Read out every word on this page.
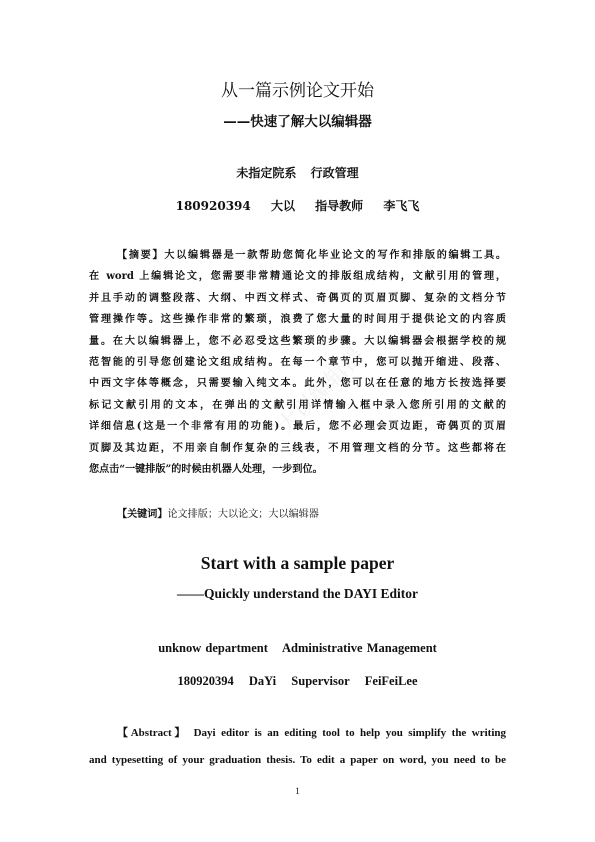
从一篇示例论文开始
——快速了解大以编辑器
未指定院系 行政管理
180920394 大以 指导教师 李飞飞
【摘要】大以编辑器是一款帮助您简化毕业论文的写作和排版的编辑工具。
在 word 上编辑论文，您需要非常精通论文的排版组成结构，文献引用的管理，
并且手动的调整段落、大纲、中西文样式、奇偶页的页眉页脚、复杂的文档分节
管理操作等。这些操作非常的繁琐，浪费了您大量的时间用于提供论文的内容质
量。在大以编辑器上，您不必忍受这些繁琐的步骤。大以编辑器会根据学校的规
范智能的引导您创建论文组成结构。在每一个章节中，您可以抛开缩进、段落、
中西文字体等概念，只需要输入纯文本。此外，您可以在任意的地方长按选择要
标记文献引用的文本，在弹出的文献引用详情输入框中录入您所引用的文献的
详细信息(这是一个非常有用的功能)。最后，您不必理会页边距，奇偶页的页眉
页脚及其边距，不用亲自制作复杂的三线表，不用管理文档的分节。这些都将在
您点击“一键排版”的时候由机器人处理，一步到位。
【关键词】论文排版；大以论文；大以编辑器
Start with a sample paper
——Quickly understand the DAYI Editor
unknow department Administrative Management
180920394 DaYi Supervisor FeiFeiLee
【Abstract】 Dayi editor is an editing tool to help you simplify the writing
and typesetting of your graduation thesis. To edit a paper on word, you need to be
1
大以编辑器
